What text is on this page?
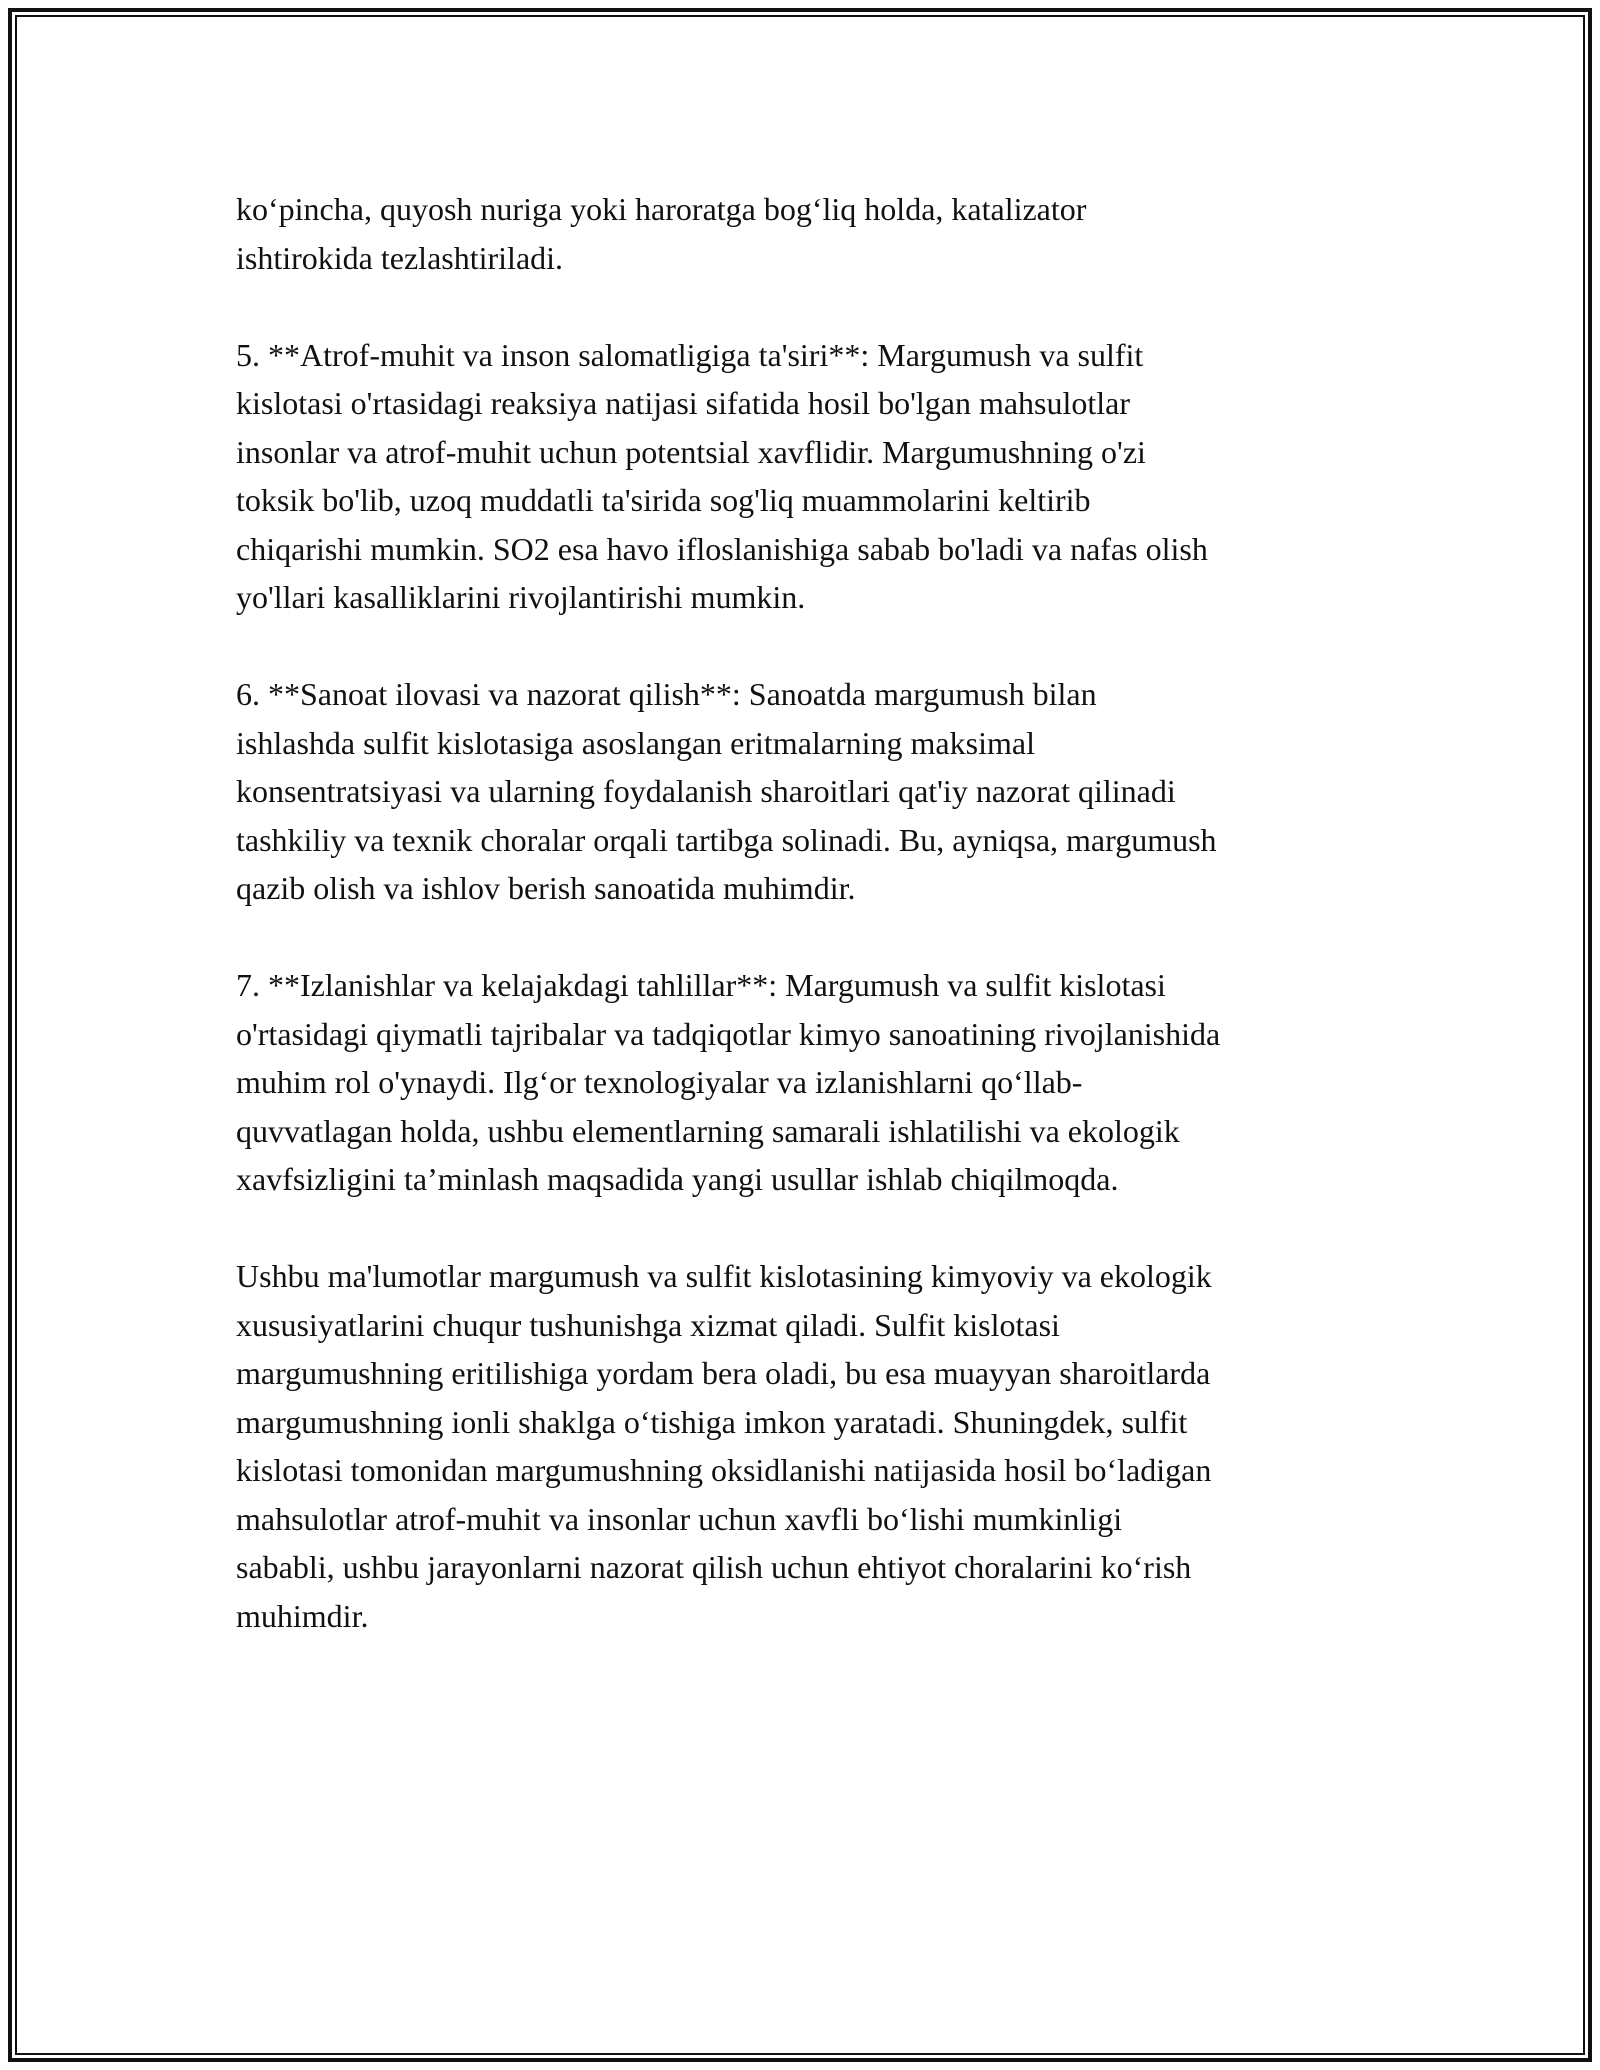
ko‘pincha, quyosh nuriga yoki haroratga bog‘liq holda, katalizator
ishtirokida tezlashtiriladi.

5. **Atrof-muhit va inson salomatligiga ta'siri**: Margumush va sulfit
kislotasi o'rtasidagi reaksiya natijasi sifatida hosil bo'lgan mahsulotlar
insonlar va atrof-muhit uchun potentsial xavflidir. Margumushning o'zi
toksik bo'lib, uzoq muddatli ta'sirida sog'liq muammolarini keltirib
chiqarishi mumkin. SO2 esa havo ifloslanishiga sabab bo'ladi va nafas olish
yo'llari kasalliklarini rivojlantirishi mumkin.

6. **Sanoat ilovasi va nazorat qilish**: Sanoatda margumush bilan
ishlashda sulfit kislotasiga asoslangan eritmalarning maksimal
konsentratsiyasi va ularning foydalanish sharoitlari qat'iy nazorat qilinadi
tashkiliy va texnik choralar orqali tartibga solinadi. Bu, ayniqsa, margumush
qazib olish va ishlov berish sanoatida muhimdir.

7. **Izlanishlar va kelajakdagi tahlillar**: Margumush va sulfit kislotasi
o'rtasidagi qiymatli tajribalar va tadqiqotlar kimyo sanoatining rivojlanishida
muhim rol o'ynaydi. Ilg‘or texnologiyalar va izlanishlarni qo‘llab-
quvvatlagan holda, ushbu elementlarning samarali ishlatilishi va ekologik
xavfsizligini ta’minlash maqsadida yangi usullar ishlab chiqilmoqda.

Ushbu ma'lumotlar margumush va sulfit kislotasining kimyoviy va ekologik
xususiyatlarini chuqur tushunishga xizmat qiladi. Sulfit kislotasi
margumushning eritilishiga yordam bera oladi, bu esa muayyan sharoitlarda
margumushning ionli shaklga o‘tishiga imkon yaratadi. Shuningdek, sulfit
kislotasi tomonidan margumushning oksidlanishi natijasida hosil bo‘ladigan
mahsulotlar atrof-muhit va insonlar uchun xavfli bo‘lishi mumkinligi
sababli, ushbu jarayonlarni nazorat qilish uchun ehtiyot choralarini ko‘rish
muhimdir.
